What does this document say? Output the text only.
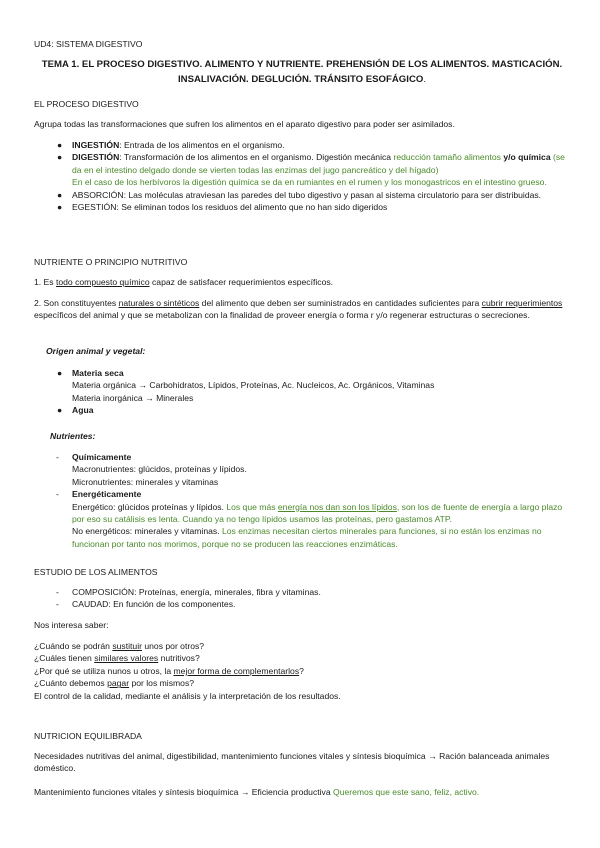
UD4: SISTEMA DIGESTIVO
TEMA 1. EL PROCESO DIGESTIVO. ALIMENTO Y NUTRIENTE. PREHENSIÓN DE LOS ALIMENTOS. MASTICACIÓN. INSALIVACIÓN. DEGLUCIÓN. TRÁNSITO ESOFÁGICO.
EL PROCESO DIGESTIVO
Agrupa todas las transformaciones que sufren los alimentos en el aparato digestivo para poder ser asimilados.
● INGESTIÓN: Entrada de los alimentos en el organismo.
● DIGESTIÓN: Transformación de los alimentos en el organismo. Digestión mecánica reducción tamaño alimentos y/o química (se da en el intestino delgado donde se vierten todas las enzimas del jugo pancreático y del hígado)
En el caso de los herbívoros la digestión química se da en rumiantes en el rumen y los monogastricos en el intestino grueso.
● ABSORCIÓN: Las moléculas atraviesan las paredes del tubo digestivo y pasan al sistema circulatorio para ser distribuidas.
● EGESTIÓN: Se eliminan todos los residuos del alimento que no han sido digeridos
NUTRIENTE O PRINCIPIO NUTRITIVO

1. Es todo compuesto químico capaz de satisfacer requerimientos específicos.

2. Son constituyentes naturales o sintéticos del alimento que deben ser suministrados en cantidades suficientes para cubrir requerimientos específicos del animal y que se metabolizan con la finalidad de proveer energía o forma r y/o regenerar estructuras o secreciones.

Origen animal y vegetal:
● Materia seca
Materia orgánica → Carbohidratos, Lípidos, Proteínas, Ac. Nucleicos, Ac. Orgánicos, Vitaminas
Materia inorgánica → Minerales
● Agua
Nutrientes:
- Químicamente
Macronutrientes: glúcidos, proteínas y lípidos.
Micronutrientes: minerales y vitaminas
- Energéticamente
Energético: glúcidos proteínas y lípidos. Los que más energía nos dan son los lípidos, son los de fuente de energía a largo plazo por eso su catálisis es lenta. Cuando ya no tengo lípidos usamos las proteínas, pero gastamos ATP.
No energéticos: minerales y vitaminas. Los enzimas necesitan ciertos minerales para funciones, si no están los enzimas no funcionan por tanto nos morimos, porque no se producen las reacciones enzimáticas.
ESTUDIO DE LOS ALIMENTOS
- COMPOSICIÓN: Proteínas, energía, minerales, fibra y vitaminas.
- CAUDAD: En función de los componentes.
Nos interesa saber:
¿Cuándo se podrán sustituir unos por otros?
¿Cuáles tienen similares valores nutritivos?
¿Por qué se utiliza nunos u otros, la mejor forma de complementarlos?
¿Cuánto debemos pagar por los mismos?
El control de la calidad, mediante el análisis y la interpretación de los resultados.
NUTRICION EQUILIBRADA

Necesidades nutritivas del animal, digestibilidad, mantenimiento funciones vitales y síntesis bioquímica → Ración balanceada animales doméstico.

Mantenimiento funciones vitales y síntesis bioquímica → Eficiencia productiva Queremos que este sano, feliz, activo.
